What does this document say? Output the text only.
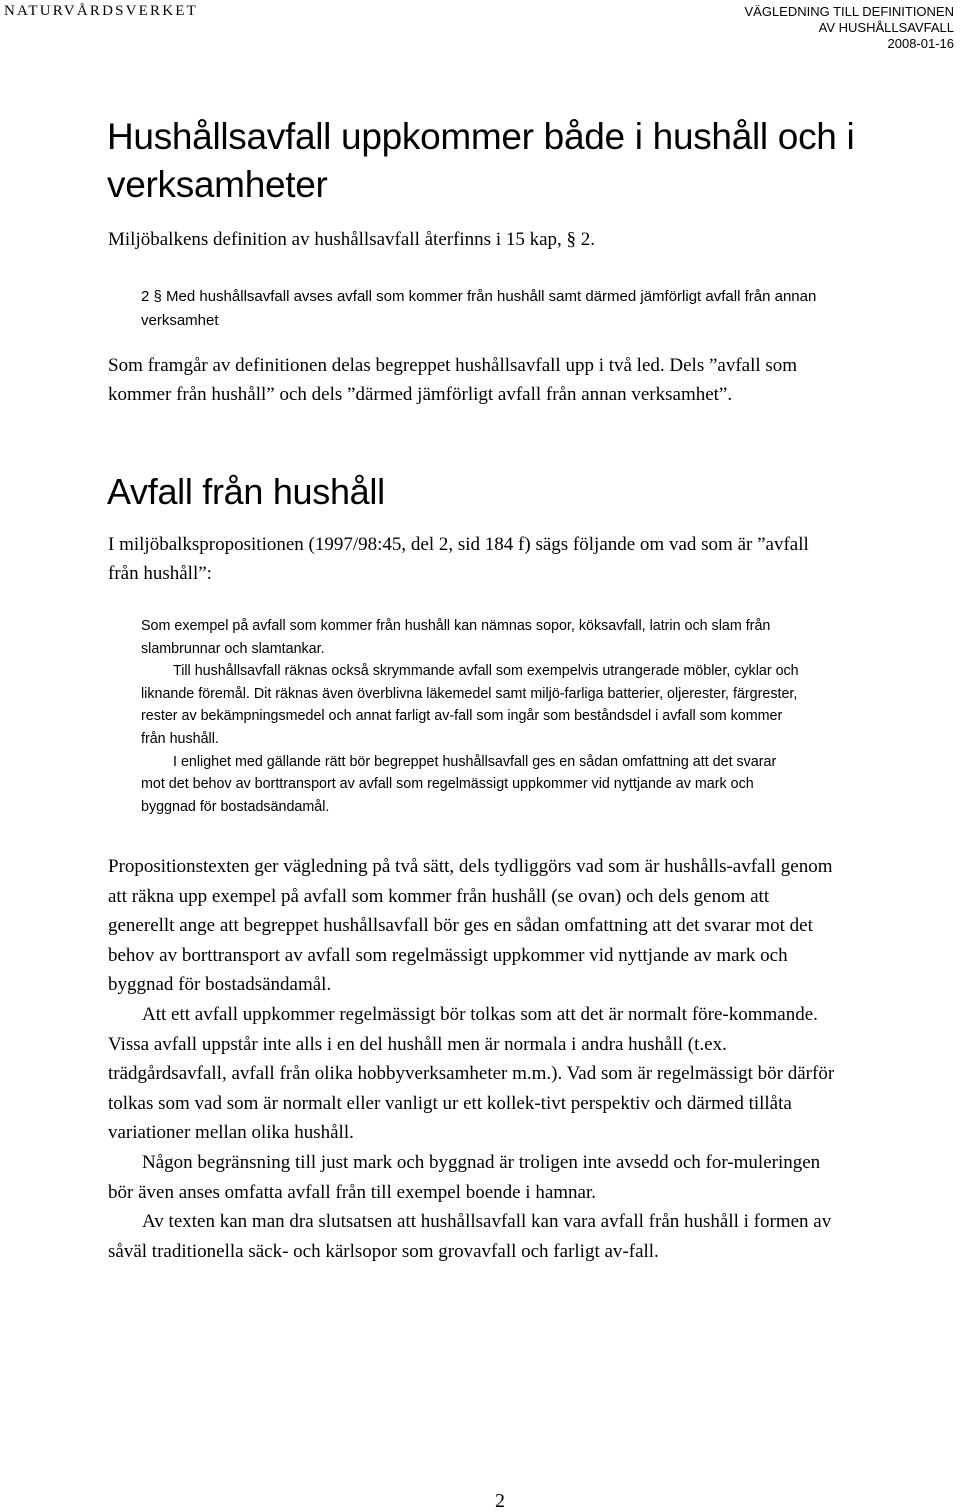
NATURVÅRDSVERKET	VÄGLEDNING TILL DEFINITIONEN
AV HUSHÅLLSAVFALL
2008-01-16
Hushållsavfall uppkommer både i hushåll och i verksamheter

Miljöbalkens definition av hushållsavfall återfinns i 15 kap, § 2.

2 § Med hushållsavfall avses avfall som kommer från hushåll samt därmed jämförligt avfall från annan verksamhet

Som framgår av definitionen delas begreppet hushållsavfall upp i två led. Dels ”avfall som kommer från hushåll” och dels ”därmed jämförligt avfall från annan verksamhet”.

Avfall från hushåll

I miljöbalkspropositionen (1997/98:45, del 2, sid 184 f) sägs följande om vad som är ”avfall från hushåll”:

Som exempel på avfall som kommer från hushåll kan nämnas sopor, köksavfall, latrin och slam från slambrunnar och slamtankar.

Till hushållsavfall räknas också skrymmande avfall som exempelvis utrangerade möbler, cyklar och liknande föremål. Dit räknas även överblivna läkemedel samt miljö-farliga batterier, oljerester, färgrester, rester av bekämpningsmedel och annat farligt av-fall som ingår som beståndsdel i avfall som kommer från hushåll.

I enlighet med gällande rätt bör begreppet hushållsavfall ges en sådan omfattning att det svarar mot det behov av borttransport av avfall som regelmässigt uppkommer vid nyttjande av mark och byggnad för bostadsändamål.

Propositionstexten ger vägledning på två sätt, dels tydliggörs vad som är hushålls-avfall genom att räkna upp exempel på avfall som kommer från hushåll (se ovan) och dels genom att generellt ange att begreppet hushållsavfall bör ges en sådan omfattning att det svarar mot det behov av borttransport av avfall som regelmässigt uppkommer vid nyttjande av mark och byggnad för bostadsändamål.

Att ett avfall uppkommer regelmässigt bör tolkas som att det är normalt före-kommande. Vissa avfall uppstår inte alls i en del hushåll men är normala i andra hushåll (t.ex. trädgårdsavfall, avfall från olika hobbyverksamheter m.m.). Vad som är regelmässigt bör därför tolkas som vad som är normalt eller vanligt ur ett kollek-tivt perspektiv och därmed tillåta variationer mellan olika hushåll.

Någon begränsning till just mark och byggnad är troligen inte avsedd och for-muleringen bör även anses omfatta avfall från till exempel boende i hamnar.

Av texten kan man dra slutsatsen att hushållsavfall kan vara avfall från hushåll i formen av såväl traditionella säck- och kärlsopor som grovavfall och farligt av-fall.

2
